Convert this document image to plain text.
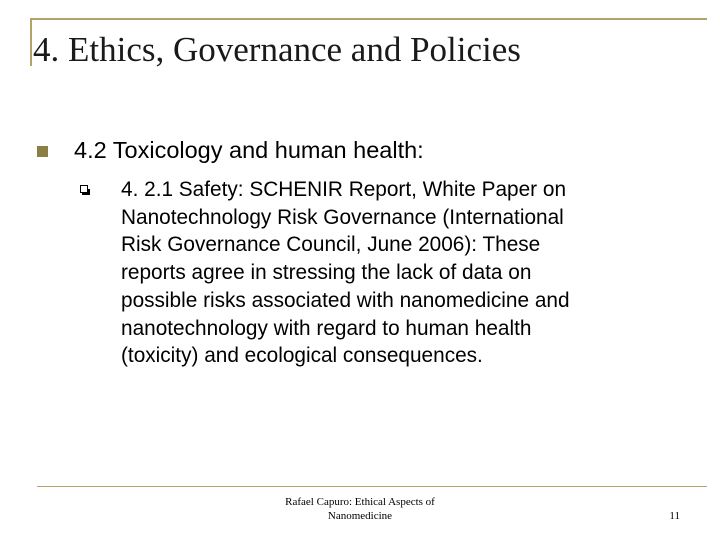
4. Ethics, Governance and Policies

4.2 Toxicology and human health:

4. 2.1 Safety: SCHENIR Report, White Paper on
Nanotechnology Risk Governance (International
Risk Governance Council, June 2006): These
reports agree in stressing the lack of data on
possible risks associated with nanomedicine and
nanotechnology with regard to human health
(toxicity) and ecological consequences.

Rafael Capuro: Ethical Aspects of
Nanomedicine	11
